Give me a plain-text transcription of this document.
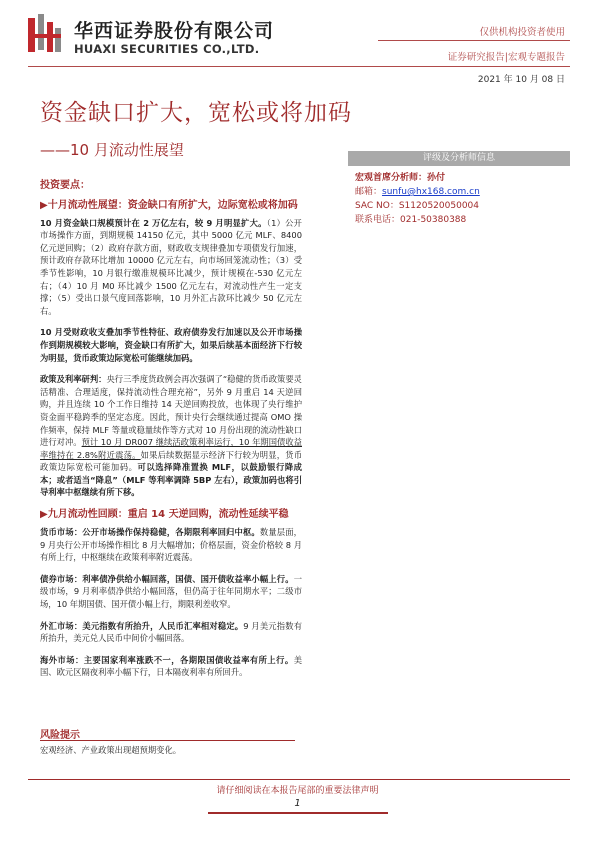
华西证券股份有限公司
HUAXI SECURITIES CO.,LTD.
仅供机构投资者使用
证券研究报告|宏观专题报告
2021 年 10 月 08 日
资金缺口扩大，宽松或将加码
——10 月流动性展望	评级及分析师信息
宏观首席分析师：孙付
邮箱：sunfu@hx168.com.cn
SAC NO：S1120520050004
联系电话：021-50380388
投资要点：
▶十月流动性展望：资金缺口有所扩大，边际宽松或将加码

10 月资金缺口规模预计在 2 万亿左右，较 9 月明显扩大。（1）公开市场操作方面，到期规模 14150 亿元，其中 5000 亿元 MLF、8400 亿元逆回购；（2）政府存款方面，财政收支规律叠加专项债发行加速，预计政府存款环比增加 10000 亿元左右，向市场回笼流动性；（3）受季节性影响，10 月银行缴准规模环比减少，预计规模在-530 亿元左右；（4）10 月 M0 环比减少 1500 亿元左右，对流动性产生一定支撑；（5）受出口景气度回落影响，10 月外汇占款环比减少 50 亿元左右。

10 月受财政收支叠加季节性特征、政府债券发行加速以及公开市场操作到期规模较大影响，资金缺口有所扩大，如果后续基本面经济下行较为明显，货币政策边际宽松可能继续加码。

政策及利率研判：央行三季度货政例会再次强调了“稳健的货币政策要灵活精准、合理适度，保持流动性合理充裕”，另外 9 月重启 14 天逆回购，并且连续 10 个工作日维持 14 天逆回购投放，也体现了央行维护资金面平稳跨季的坚定态度。因此，预计央行会继续通过提高 OMO 操作频率，保持 MLF 等量或稳量续作等方式对 10 月份出现的流动性缺口进行对冲。预计 10 月 DR007 继续活政策利率运行，10 年期国债收益率维持在 2.8%附近震荡。如果后续数据显示经济下行较为明显，货币政策边际宽松可能加码。可以选择降准置换 MLF，以鼓励银行降成本；或者适当“降息”（MLF 等利率调降 5BP 左右），政策加码也将引导利率中枢继续有所下移。

▶九月流动性回顾：重启 14 天逆回购，流动性延续平稳

货币市场：公开市场操作保持稳健，各期限利率回归中枢。数量层面，9 月央行公开市场操作相比 8 月大幅增加；价格层面，资金价格较 8 月有所上行，中枢继续在政策利率附近震荡。

债券市场：利率债净供给小幅回落，国债、国开债收益率小幅上行。一级市场，9 月利率债净供给小幅回落，但仍高于往年同期水平；二级市场，10 年期国债、国开债小幅上行，期限利差收窄。

外汇市场：美元指数有所抬升，人民币汇率相对稳定。9 月美元指数有所抬升，美元兑人民币中间价小幅回落。

海外市场：主要国家利率涨跌不一，各期限国债收益率有所上行。美国、欧元区隔夜利率小幅下行，日本隔夜利率有所回升。

风险提示
宏观经济、产业政策出现超预期变化。
请仔细阅读在本报告尾部的重要法律声明
1
